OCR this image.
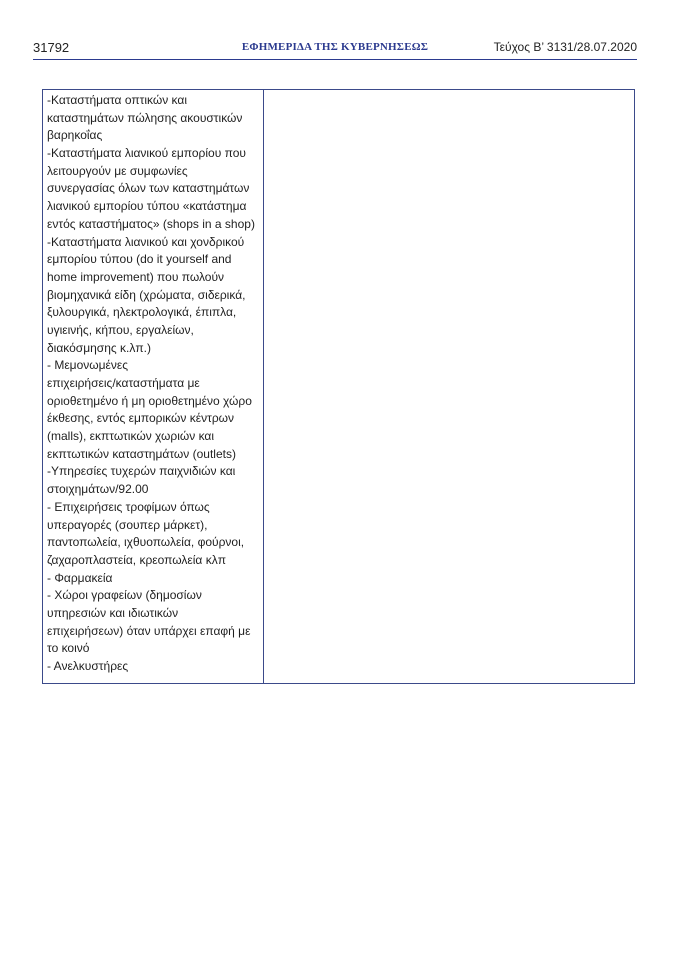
31792	ΕΦΗΜΕΡΙΔΑ ΤΗΣ ΚΥΒΕΡΝΗΣΕΩΣ	Τεύχος Β’ 3131/28.07.2020
-Καταστήματα οπτικών και
καταστημάτων πώλησης ακουστικών
βαρηκοΐας
-Καταστήματα λιανικού εμπορίου που
λειτουργούν με συμφωνίες
συνεργασίας όλων των καταστημάτων
λιανικού εμπορίου τύπου «κατάστημα
εντός καταστήματος» (shops in a shop)
-Καταστήματα λιανικού και χονδρικού
εμπορίου τύπου (do it yourself and
home improvement) που πωλούν
βιομηχανικά είδη (χρώματα, σιδερικά,
ξυλουργικά, ηλεκτρολογικά, έπιπλα,
υγιεινής, κήπου, εργαλείων,
διακόσμησης κ.λπ.)
- Μεμονωμένες
επιχειρήσεις/καταστήματα με
οριοθετημένο ή μη οριοθετημένο χώρο
έκθεσης, εντός εμπορικών κέντρων
(malls), εκπτωτικών χωριών και
εκπτωτικών καταστημάτων (outlets)
-Υπηρεσίες τυχερών παιχνιδιών και
στοιχημάτων/92.00
- Επιχειρήσεις τροφίμων όπως
υπεραγορές (σουπερ μάρκετ),
παντοπωλεία, ιχθυοπωλεία, φούρνοι,
ζαχαροπλαστεία, κρεοπωλεία κλπ
- Φαρμακεία
- Χώροι γραφείων (δημοσίων
υπηρεσιών και ιδιωτικών
επιχειρήσεων) όταν υπάρχει επαφή με
το κοινό
- Ανελκυστήρες
